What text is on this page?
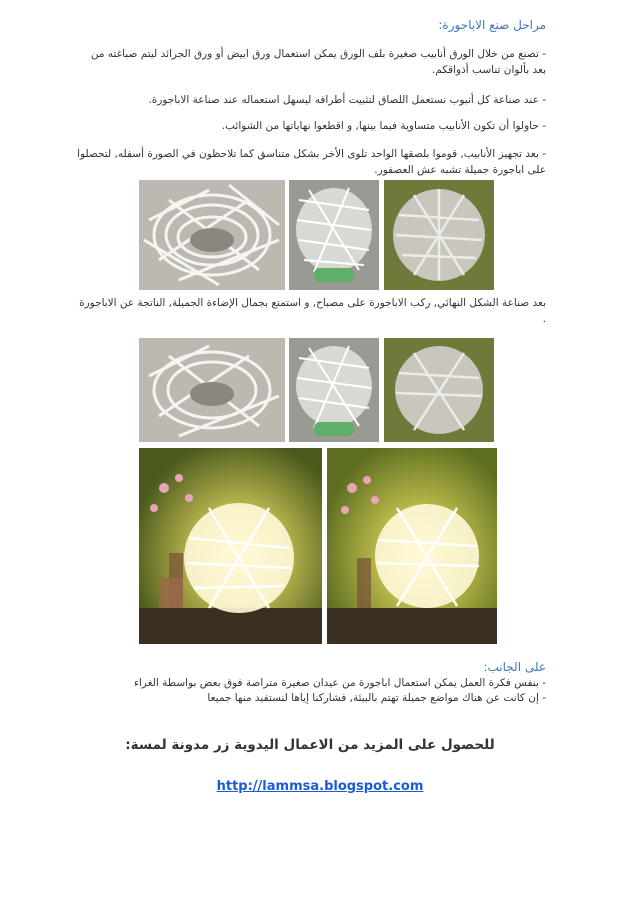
مراحل صنع الاباجورة:
- تصنع من خلال الورق أنابيب صغيرة بلف الورق يمكن استعمال ورق ابيض أو ورق الجرائد ليتم صباغته من بعد بألوان تناسب أذواقكم.
- عند صناعة كل أنبوب نستعمل اللصاق لتثبيت أطرافه ليسهل استعماله عند صناعة الاباجورة.
- حاولوا أن تكون الأنابيب متساوية فيما بينها, و اقطعوا نهاياتها من الشوائب.
- بعد تجهيز الأنابيب, قوموا بلصقها الواحد تلوى الأخر بشكل متناسق كما تلاحظون في الصورة أسفله, لتحصلوا على اباجورة جميلة تشبه عش العصفور.
بعد صناعة الشكل النهائي, ركب الاباجورة على مصباح, و استمتع بجمال الإضاءة الجميلة, الناتجة عن الاباجورة .
على الجانب:
- بنفس فكرة العمل يمكن استعمال اباجورة من عيدان صغيرة متراصة فوق بعض بواسطة الغراء
- إن كانت عن هناك مواضع جميلة تهتم بالبيئة, فشاركنا إياها لنستفيد منها جميعا
للحصول على المزيد من الاعمال اليدوية زر مدونة لمسة:
http://lammsa.blogspot.com
